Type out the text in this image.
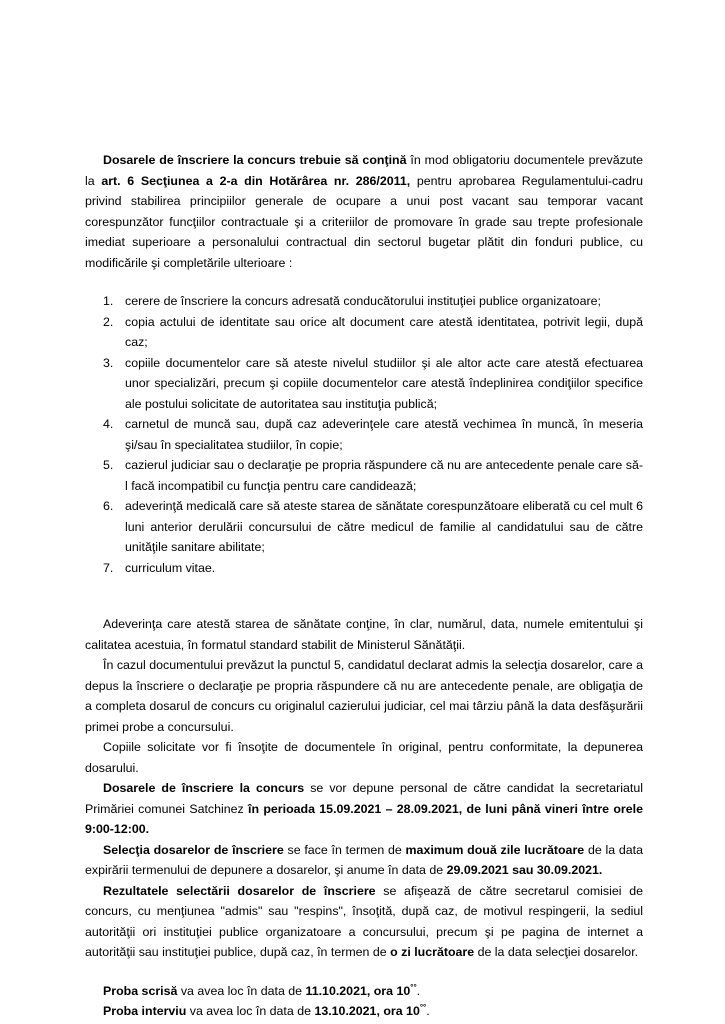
Dosarele de înscriere la concurs trebuie să conţină în mod obligatoriu documentele prevăzute la art. 6 Secţiunea a 2-a din Hotărârea nr. 286/2011, pentru aprobarea Regulamentului-cadru privind stabilirea principiilor generale de ocupare a unui post vacant sau temporar vacant corespunzător funcţiilor contractuale şi a criteriilor de promovare în grade sau trepte profesionale imediat superioare a personalului contractual din sectorul bugetar plătit din fonduri publice, cu modificările şi completările ulterioare :

1. cerere de înscriere la concurs adresată conducătorului instituţiei publice organizatoare;
2. copia actului de identitate sau orice alt document care atestă identitatea, potrivit legii, după caz;
3. copiile documentelor care să ateste nivelul studiilor şi ale altor acte care atestă efectuarea unor specializări, precum şi copiile documentelor care atestă îndeplinirea condiţiilor specifice ale postului solicitate de autoritatea sau instituţia publică;
4. carnetul de muncă sau, după caz adeverinţele care atestă vechimea în muncă, în meseria şi/sau în specialitatea studiilor, în copie;
5. cazierul judiciar sau o declaraţie pe propria răspundere că nu are antecedente penale care să-l facă incompatibil cu funcţia pentru care candidează;
6. adeverinţă medicală care să ateste starea de sănătate corespunzătoare eliberată cu cel mult 6 luni anterior derulării concursului de către medicul de familie al candidatului sau de către unităţile sanitare abilitate;
7. curriculum vitae.

Adeverinţa care atestă starea de sănătate conţine, în clar, numărul, data, numele emitentului şi calitatea acestuia, în formatul standard stabilit de Ministerul Sănătăţii.

În cazul documentului prevăzut la punctul 5, candidatul declarat admis la selecţia dosarelor, care a depus la înscriere o declaraţie pe propria răspundere că nu are antecedente penale, are obligaţia de a completa dosarul de concurs cu originalul cazierului judiciar, cel mai târziu până la data desfăşurării primei probe a concursului.

Copiile solicitate vor fi însoţite de documentele în original, pentru conformitate, la depunerea dosarului.

Dosarele de înscriere la concurs se vor depune personal de către candidat la secretariatul Primăriei comunei Satchinez în perioada 15.09.2021 – 28.09.2021, de luni până vineri între orele 9:00-12:00.

Selecţia dosarelor de înscriere se face în termen de maximum două zile lucrătoare de la data expirării termenului de depunere a dosarelor, şi anume în data de 29.09.2021 sau 30.09.2021.

Rezultatele selectării dosarelor de înscriere se afişează de către secretarul comisiei de concurs, cu menţiunea "admis" sau "respins", însoţită, după caz, de motivul respingerii, la sediul autorităţii ori instituţiei publice organizatoare a concursului, precum şi pe pagina de internet a autorităţii sau instituţiei publice, după caz, în termen de o zi lucrătoare de la data selecţiei dosarelor.

Proba scrisă va avea loc în data de 11.10.2021, ora 10°°.

Proba interviu va avea loc în data de 13.10.2021, ora 10°°.
